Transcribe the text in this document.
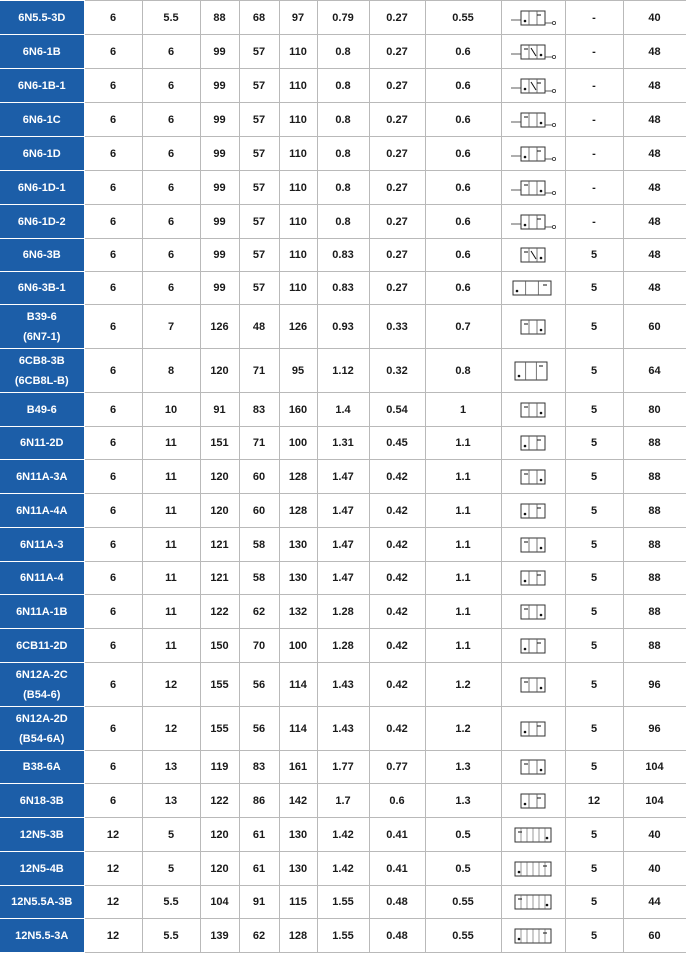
6N5.5-3D	6	5.5	88	68	97	0.79	0.27	0.55		-	40

6N6-1B	6	6	99	57	110	0.8	0.27	0.6		-	48

6N6-1B-1	6	6	99	57	110	0.8	0.27	0.6		-	48

6N6-1C	6	6	99	57	110	0.8	0.27	0.6		-	48

6N6-1D	6	6	99	57	110	0.8	0.27	0.6		-	48

6N6-1D-1	6	6	99	57	110	0.8	0.27	0.6		-	48

6N6-1D-2	6	6	99	57	110	0.8	0.27	0.6		-	48

6N6-3B	6	6	99	57	110	0.83	0.27	0.6		5	48

6N6-3B-1	6	6	99	57	110	0.83	0.27	0.6		5	48

B39-6
(6N7-1)	6	7	126	48	126	0.93	0.33	0.7		5	60

6CB8-3B
(6CB8L-B)	6	8	120	71	95	1.12	0.32	0.8		5	64

B49-6	6	10	91	83	160	1.4	0.54	1		5	80

6N11-2D	6	11	151	71	100	1.31	0.45	1.1		5	88

6N11A-3A	6	11	120	60	128	1.47	0.42	1.1		5	88

6N11A-4A	6	11	120	60	128	1.47	0.42	1.1		5	88

6N11A-3	6	11	121	58	130	1.47	0.42	1.1		5	88

6N11A-4	6	11	121	58	130	1.47	0.42	1.1		5	88

6N11A-1B	6	11	122	62	132	1.28	0.42	1.1		5	88

6CB11-2D	6	11	150	70	100	1.28	0.42	1.1		5	88

6N12A-2C
(B54-6)	6	12	155	56	114	1.43	0.42	1.2		5	96

6N12A-2D
(B54-6A)	6	12	155	56	114	1.43	0.42	1.2		5	96

B38-6A	6	13	119	83	161	1.77	0.77	1.3		5	104

6N18-3B	6	13	122	86	142	1.7	0.6	1.3		12	104

12N5-3B	12	5	120	61	130	1.42	0.41	0.5		5	40

12N5-4B	12	5	120	61	130	1.42	0.41	0.5		5	40

12N5.5A-3B	12	5.5	104	91	115	1.55	0.48	0.55		5	44

12N5.5-3A	12	5.5	139	62	128	1.55	0.48	0.55		5	60
